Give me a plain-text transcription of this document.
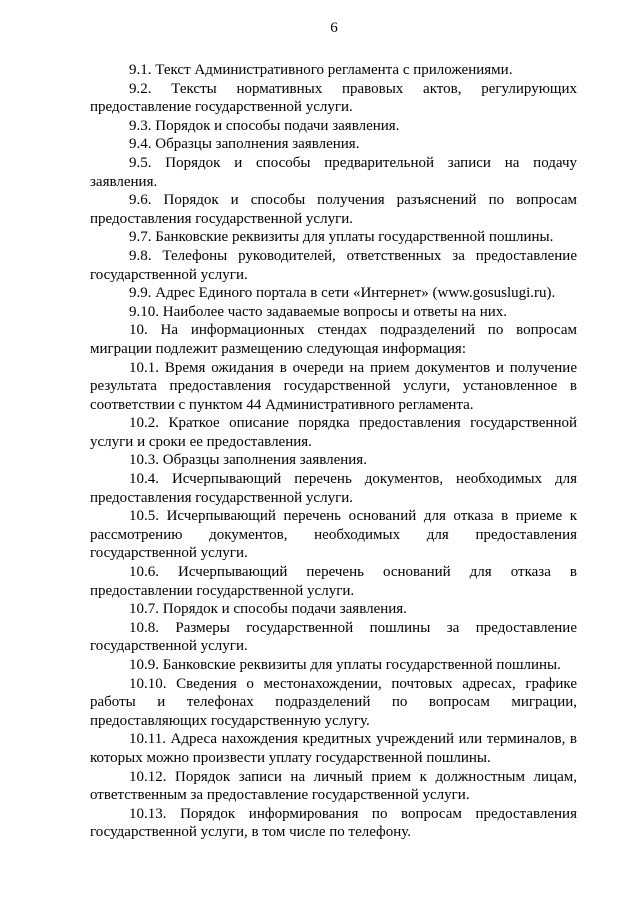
6

9.1. Текст Административного регламента с приложениями.

9.2. Тексты нормативных правовых актов, регулирующих предоставление государственной услуги.

9.3. Порядок и способы подачи заявления.

9.4. Образцы заполнения заявления.

9.5. Порядок и способы предварительной записи на подачу заявления.

9.6. Порядок и способы получения разъяснений по вопросам предоставления государственной услуги.

9.7. Банковские реквизиты для уплаты государственной пошлины.

9.8. Телефоны руководителей, ответственных за предоставление государственной услуги.

9.9. Адрес Единого портала в сети «Интернет» (www.gosuslugi.ru).

9.10. Наиболее часто задаваемые вопросы и ответы на них.

10. На информационных стендах подразделений по вопросам миграции подлежит размещению следующая информация:

10.1. Время ожидания в очереди на прием документов и получение результата предоставления государственной услуги, установленное в соответствии с пунктом 44 Административного регламента.

10.2. Краткое описание порядка предоставления государственной услуги и сроки ее предоставления.

10.3. Образцы заполнения заявления.

10.4. Исчерпывающий перечень документов, необходимых для предоставления государственной услуги.

10.5. Исчерпывающий перечень оснований для отказа в приеме к рассмотрению документов, необходимых для предоставления государственной услуги.

10.6. Исчерпывающий перечень оснований для отказа в предоставлении государственной услуги.

10.7. Порядок и способы подачи заявления.

10.8. Размеры государственной пошлины за предоставление государственной услуги.

10.9. Банковские реквизиты для уплаты государственной пошлины.

10.10. Сведения о местонахождении, почтовых адресах, графике работы и телефонах подразделений по вопросам миграции, предоставляющих государственную услугу.

10.11. Адреса нахождения кредитных учреждений или терминалов, в которых можно произвести уплату государственной пошлины.

10.12. Порядок записи на личный прием к должностным лицам, ответственным за предоставление государственной услуги.

10.13. Порядок информирования по вопросам предоставления государственной услуги, в том числе по телефону.
